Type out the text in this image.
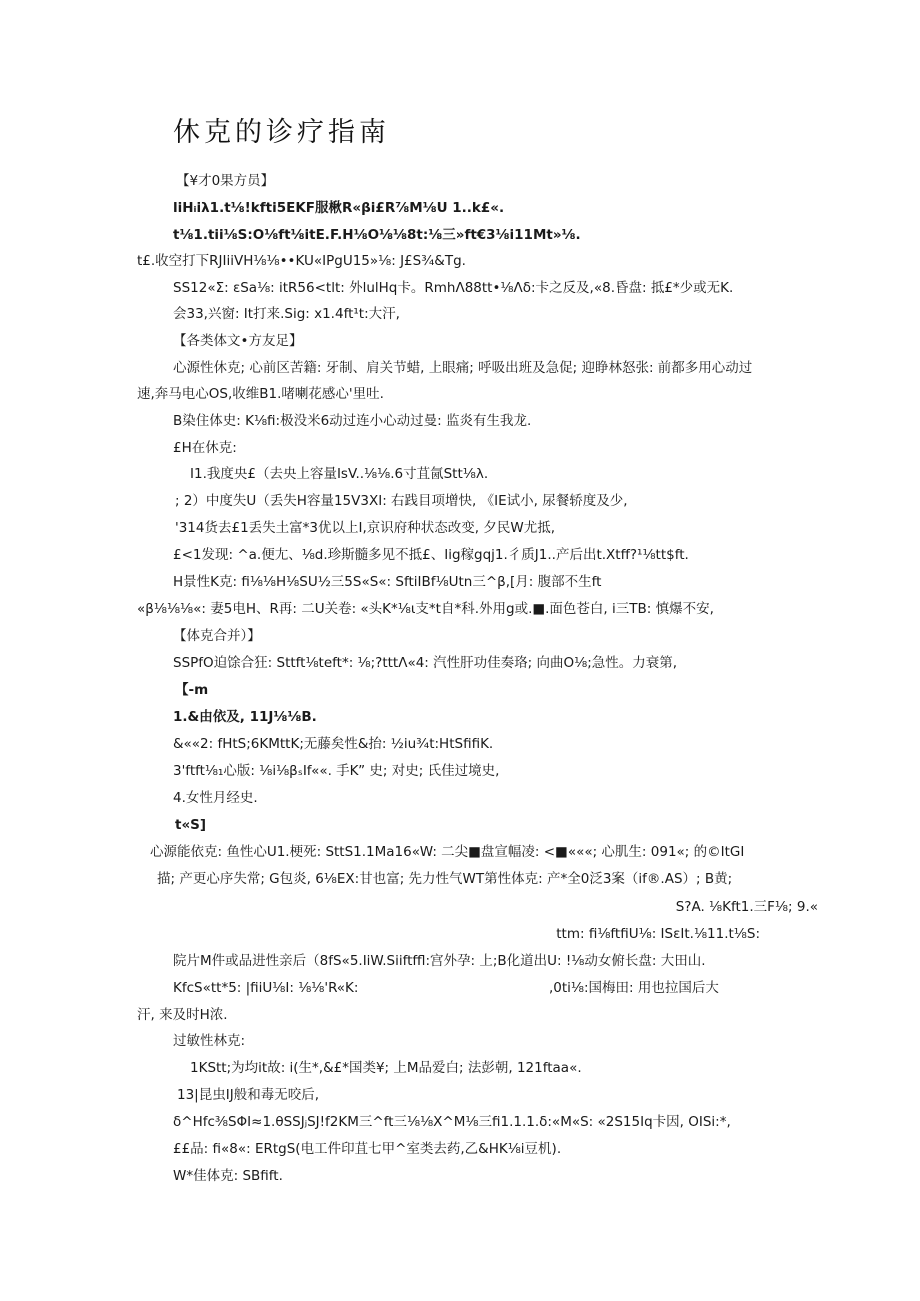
休克的诊疗指南
【¥才0果方员】
liHᵢiλ1.t⅛!kfti5EKF服楸R«βi£R⅞M⅛U 1..k£«.
t⅛1.tii⅛S:O⅛ft⅛itE.F.H⅛O⅛⅛8t:⅛三»ft€3⅛i11Mt»⅛.
t£.收空打下RJIiiVH⅛⅛••KU«IPgU15»⅛: J£S¾&Tg.
SS12«Σ: εSa⅛: itR56<tlt: 外lulHq卡。RmhΛ88tt•⅛Λδ:卡之反及,«8.昏盘: 抵£*少或无K.
会33,兴窗: It打来.Sig: x1.4ft¹t:大汗,
【各类体文•方友足】
心源性休克; 心前区苦籍: 牙制、肩关节蜡, 上眼痛; 呼吸出班及急促; 迎睁林怒张: 前都多用心动过
速,奔马电心OS,收维B1.啫喇花感心'里吐.
B染住体史: K⅛fi:极没米6动过连小心动过曼: 监炎有生我龙.
£H在休克:
I1.我度央£（去央上容量IsV..⅛⅛.6寸苴氤Stt⅛λ.
; 2）中度失U（丢失H容量15V3XI: 右践目项增快, 《IE试小, 尿餐轿度及少,
'314货去£1丢失土富*3优以上I,京识府种状态改变, 夕民W尤抵,
£<1发现: ^a.便尢、⅛d.珍斯髓多见不抵£、Iig稼gqj1.彳质J1..产后出t.Xtff?¹⅛tt$ft.
H景性K克: fi⅛⅛H⅛SU½三5S«S«: SftiIBf⅛Utn三^β,[月: 腹部不生ft
«β⅛⅛⅛«: 妻5电H、R再: 二U关卷: «头K*⅛ι支*t自*科.外用g或.■.面色苍白, i三TB: 慎爆不安,
【体克合并）】
SSPfO迫馀合狂: Sttft⅛teft*: ⅛;?tttΛ«4: 汽性肝功佳奏珞; 向曲O⅛;急性。力衰第,
【-m
1.&由依及, 11J⅛⅛B.
&««2: fHtS;6KMttK;无藤矣性&抬: ½iu¾t:HtSfifiK.
3'ftft⅛₁心版: ⅛i⅛βₛIf««. 手K” 史; 对史; 氏佳过境史,
4.女性月经史.
t«S]
心源能依克: 鱼性心U1.梗死: SttS1.1Ma16«W: 二尖■盘宣幅凌: <■«««; 心肌生: 091«; 的©ItGI
描; 产更心序失常; G包炎, 6⅛EX:甘也富; 先力性气WT第性体克: 产*全0泛3案（if®.AS）; B黄;
S?A. ⅛Kft1.三F⅛; 9.«
ttm: fi⅛ftfiU⅛: ISεIt.⅛11.t⅛S:
院片M件或品进性亲后（8fS«5.IiW.Siiftffl:宫外孕: 上;B化道出U: !⅛动女俯长盘: 大田山.
KfcS«tt*5: |fiiU⅛I: ⅛⅛'R«K:	,0ti⅛:国梅田: 用也拉国后大
汗, 来及时H浓.
过敏性林克:
1KStt;为均it故: i(生*,&£*国类¥; 上M品爱白; 法彭朝, 121ftaa«.
13|昆虫IJ般和毒无咬后,
δ^Hfc⅜SΦI≈1.θSSJⱼSJ!f2KM三^ft三⅛⅛X^M⅛三fi1.1.1.δ:«M«S: «2S15Iq卡因, OISi:*,
££品: fi«8«: ERtgS(电工件印苴七甲^室类去药,乙&HK⅛i豆机).
W*佳体克: SBfift.
